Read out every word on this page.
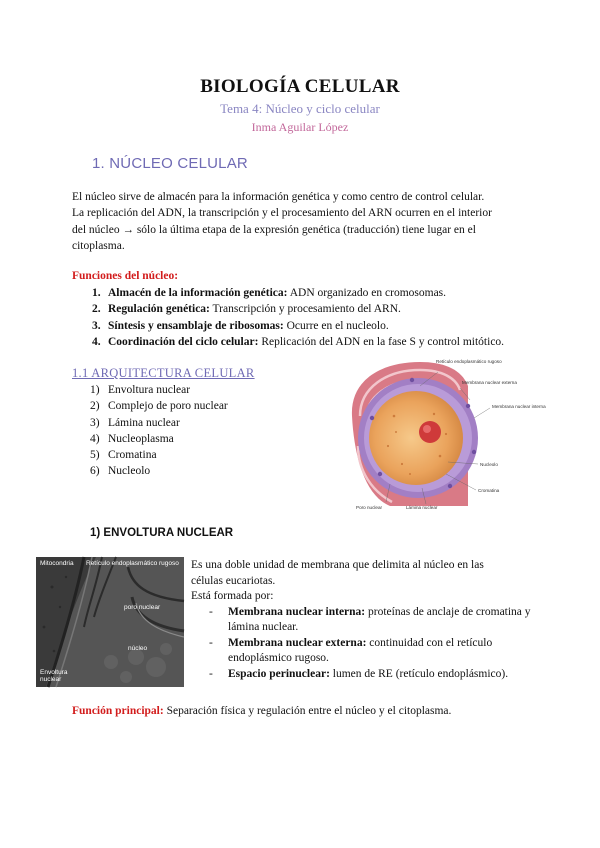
BIOLOGÍA CELULAR
Tema 4: Núcleo y ciclo celular
Inma Aguilar López
1. NÚCLEO CELULAR
El núcleo sirve de almacén para la información genética y como centro de control celular.
La replicación del ADN, la transcripción y el procesamiento del ARN ocurren en el interior
del núcleo → sólo la última etapa de la expresión genética (traducción) tiene lugar en el
citoplasma.
Funciones del núcleo:
1. Almacén de la información genética: ADN organizado en cromosomas.
2. Regulación genética: Transcripción y procesamiento del ARN.
3. Síntesis y ensamblaje de ribosomas: Ocurre en el nucleolo.
4. Coordinación del ciclo celular: Replicación del ADN en la fase S y control mitótico.
1.1 ARQUITECTURA CELULAR
1) Envoltura nuclear
2) Complejo de poro nuclear
3) Lámina nuclear
4) Nucleoplasma
5) Cromatina
6) Nucleolo
Retículo endoplasmático rugoso
Membrana nuclear externa
Membrana nuclear interna
Nucleolo
Cromatina
Poro nuclear	Lámina nuclear
1) ENVOLTURA NUCLEAR
Mitocondria Retículo endoplasmático rugoso
poro nuclear
núcleo
Envoltura nuclear
Es una doble unidad de membrana que delimita al núcleo en las
células eucariotas.
Está formada por:
- Membrana nuclear interna: proteínas de anclaje de cromatina y lámina nuclear.
- Membrana nuclear externa: continuidad con el retículo endoplásmico rugoso.
- Espacio perinuclear: lumen de RE (retículo endoplásmico).
Función principal: Separación física y regulación entre el núcleo y el citoplasma.
